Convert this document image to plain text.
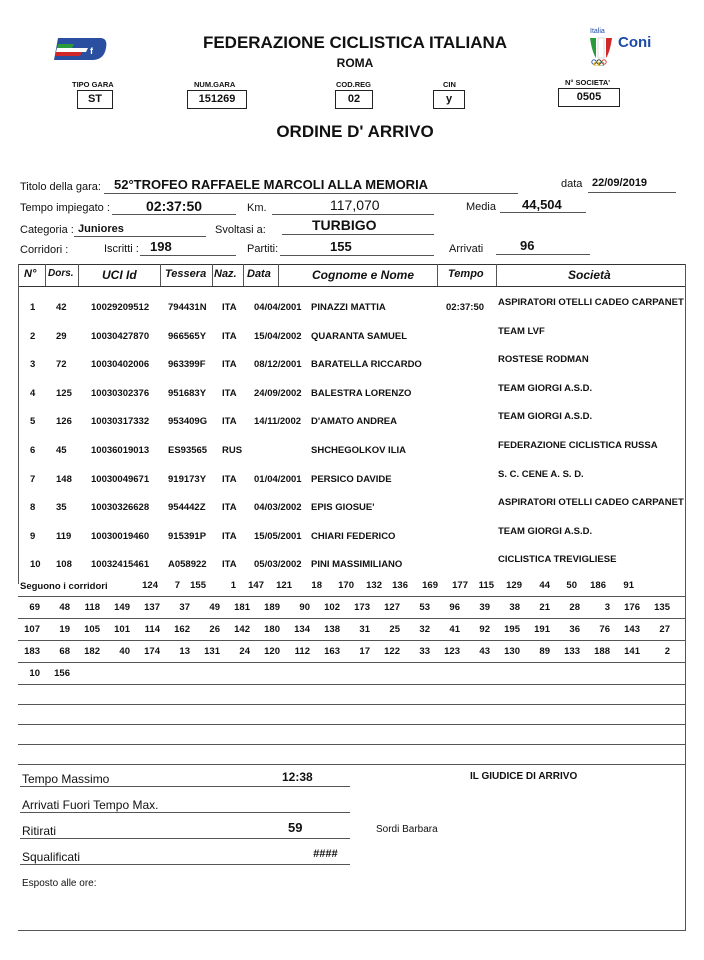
f	FEDERAZIONE CICLISTICA ITALIANA
ROMA
Italia
Coni
TIPO GARA
ST
NUM.GARA
151269
COD.REG
02
CIN
y
N° SOCIETA'
0505
ORDINE D' ARRIVO
Titolo della gara: 52°TROFEO RAFFAELE MARCOLI ALLA MEMORIA	data 22/09/2019
Tempo impiegato :	02:37:50	Km.	117,070	Media 44,504
Categoria : Juniores	Svoltasi a:	TURBIGO
Corridori :	Iscritti : 198	Partiti:	155	Arrivati	96
N° Dors. UCI Id	Tessera Naz. Data	Cognome e Nome	Tempo	Società
1 42	10029209512 794431N ITA 04/04/2001 PINAZZI MATTIA	02:37:50 ASPIRATORI OTELLI CADEO CARPANET
2 29	10030427870 966565Y ITA 15/04/2002 QUARANTA SAMUEL	TEAM LVF
3 72	10030402006 963399F ITA 08/12/2001 BARATELLA RICCARDO	ROSTESE RODMAN
4 125 10030302376 951683Y ITA 24/09/2002 BALESTRA LORENZO	TEAM GIORGI A.S.D.
5 126 10030317332 953409G ITA 14/11/2002 D'AMATO ANDREA	TEAM GIORGI A.S.D.
6 45	10036019013 ES93565 RUS	SHCHEGOLKOV ILIA	FEDERAZIONE CICLISTICA RUSSA
7 148 10030049671 919173Y ITA 01/04/2001 PERSICO DAVIDE	S. C. CENE A. S. D.
8 35	10030326628 954442Z ITA 04/03/2002 EPIS GIOSUE'	ASPIRATORI OTELLI CADEO CARPANET
9 119 10030019460 915391P ITA 15/05/2001 CHIARI FEDERICO	TEAM GIORGI A.S.D.
10 108 10032415461 A058922 ITA 05/03/2002 PINI MASSIMILIANO	CICLISTICA TREVIGLIESE
Seguono i corridori	124	7	155	1	147	121	18	170	132	136	169	177	115	129	44	50	186	91
69	48	118	149	137	37	49	181	189	90	102	173	127	53	96	39	38	21	28	3	176	135
107	19	105	101	114	162	26	142	180	134	138	31	25	32	41	92	195	191	36	76	143	27
183	68	182	40	174	13	131	24	120	112	163	17	122	33	123	43	130	89	133	188	141	2
10	156
Tempo Massimo	12:38	IL GIUDICE DI ARRIVO
Arrivati Fuori Tempo Max.
Ritirati	59	Sordi Barbara
Squalificati	####
Esposto alle ore:
